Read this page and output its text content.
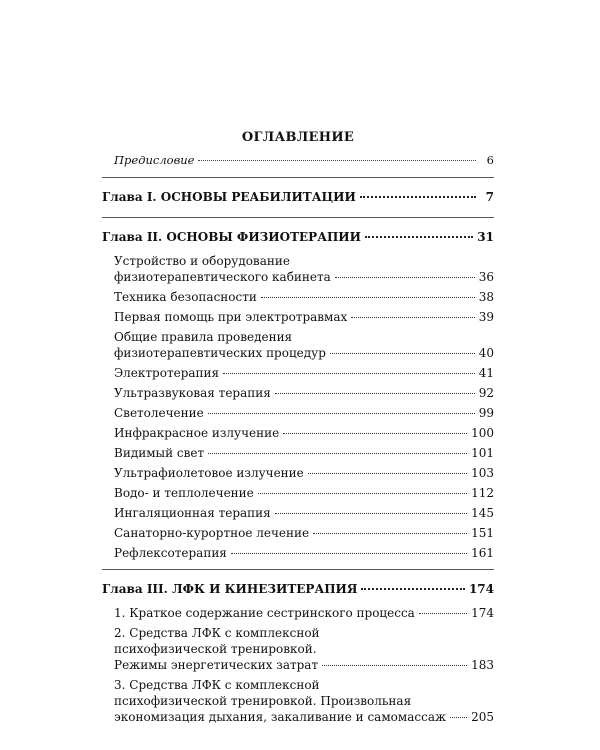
ОГЛАВЛЕНИЕ
Предисловие	6
Глава I. ОСНОВЫ РЕАБИЛИТАЦИИ	7
Глава II. ОСНОВЫ ФИЗИОТЕРАПИИ	31
Устройство и оборудование
физиотерапевтического кабинета	36
Техника безопасности	38
Первая помощь при электротравмах	39
Общие правила проведения
физиотерапевтических процедур	40
Электротерапия	41
Ультразвуковая терапия	92
Светолечение	99
Инфракрасное излучение	100
Видимый свет	101
Ультрафиолетовое излучение	103
Водо- и теплолечение	112
Ингаляционная терапия	145
Санаторно-курортное лечение	151
Рефлексотерапия	161
Глава III. ЛФК И КИНЕЗИТЕРАПИЯ	174
1. Краткое содержание сестринского процесса	174
2. Средства ЛФК с комплексной
психофизической тренировкой.
Режимы энергетических затрат	183
3. Средства ЛФК с комплексной
психофизической тренировкой. Произвольная
экономизация дыхания, закаливание и самомассаж 205
